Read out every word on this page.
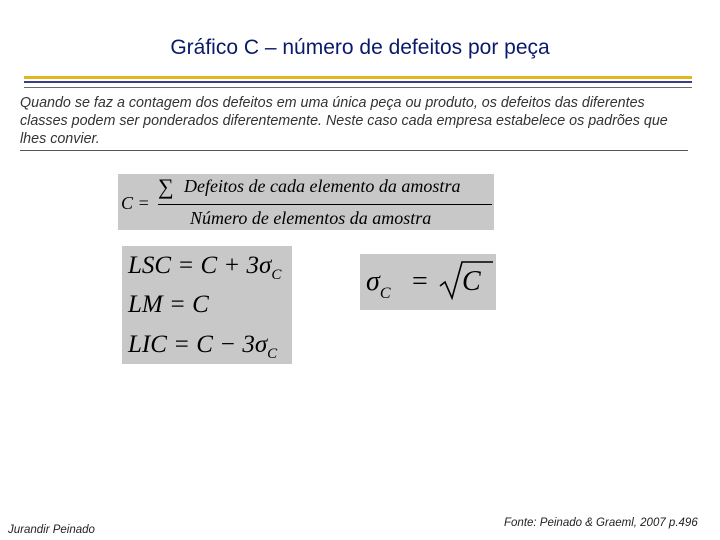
Gráfico C – número de defeitos por peça
Quando se faz a contagem dos defeitos em uma única peça ou produto, os defeitos das diferentes classes podem ser ponderados diferentemente. Neste caso cada empresa estabelece os padrões que lhes convier.
C =
∑ Defeitos de cada elemento da amostra
Número de elementos da amostra
LSC = $C + 3\sigma_C$
LM = C
LIC = $C - 3\sigma_C$
$\sigma_C = C$
Jurandir Peinado
Fonte: Peinado & Graeml, 2007 p.496
